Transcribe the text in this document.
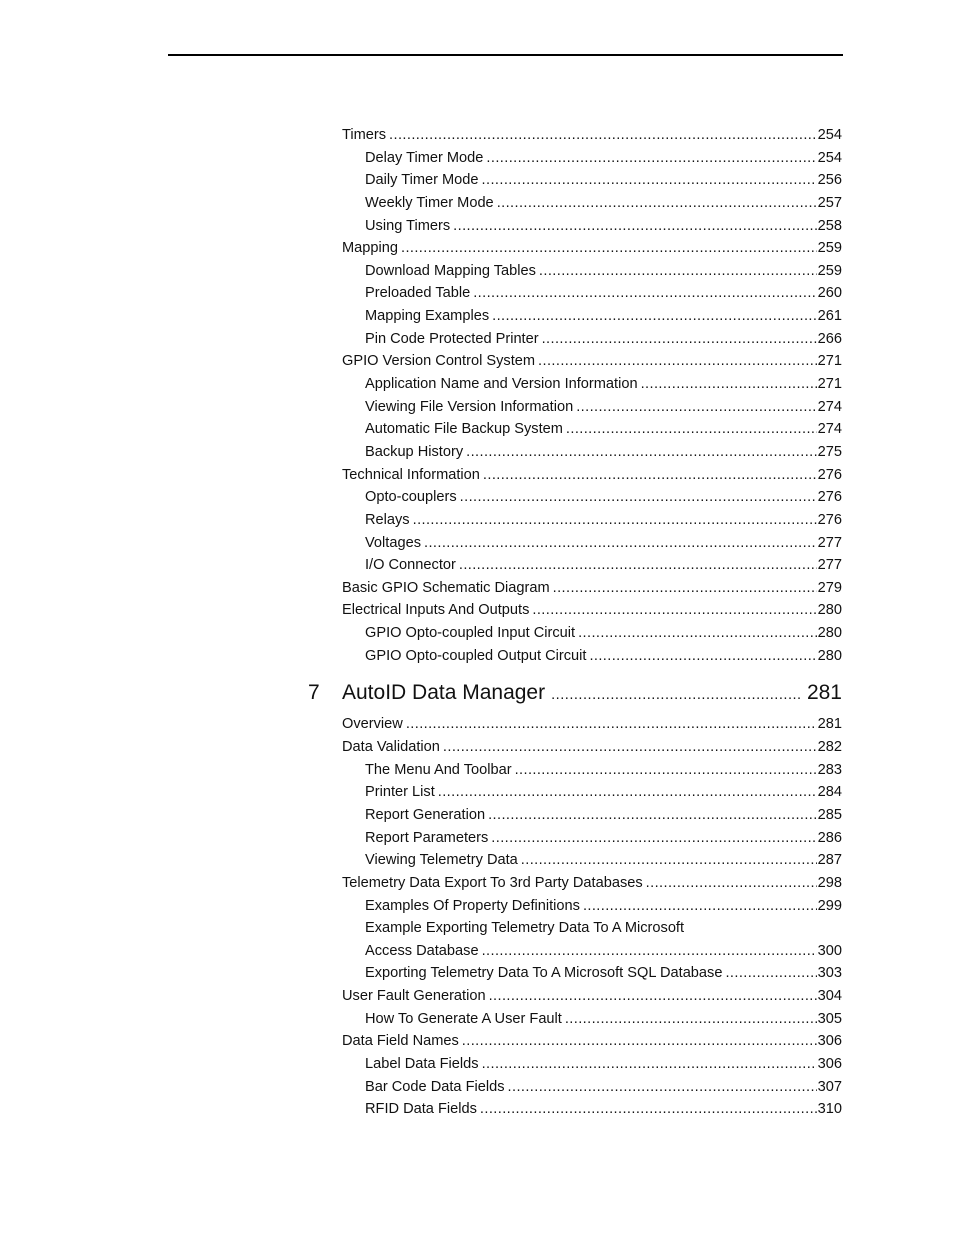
Timers .....	254
Delay Timer Mode .....	254
Daily Timer Mode .....	256
Weekly Timer Mode .....	257
Using Timers .....	258
Mapping .....	259
Download Mapping Tables .....	259
Preloaded Table .....	260
Mapping Examples .....	261
Pin Code Protected Printer .....	266
GPIO Version Control System .....	271
Application Name and Version Information .....	271
Viewing File Version Information .....	274
Automatic File Backup System .....	274
Backup History .....	275
Technical Information .....	276
Opto-couplers .....	276
Relays .....	276
Voltages .....	277
I/O Connector .....	277
Basic GPIO Schematic Diagram .....	279
Electrical Inputs And Outputs .....	280
GPIO Opto-coupled Input Circuit .....	280
GPIO Opto-coupled Output Circuit .....	280
7 AutoID Data Manager .....	281
Overview .....	281
Data Validation .....	282
The Menu And Toolbar .....	283
Printer List .....	284
Report Generation .....	285
Report Parameters .....	286
Viewing Telemetry Data .....	287
Telemetry Data Export To 3rd Party Databases .....	298
Examples Of Property Definitions .....	299
Example Exporting Telemetry Data To A Microsoft
Access Database .....	300
Exporting Telemetry Data To A Microsoft SQL Database .....	303
User Fault Generation .....	304
How To Generate A User Fault .....	305
Data Field Names .....	306
Label Data Fields .....	306
Bar Code Data Fields .....	307
RFID Data Fields .....	310
